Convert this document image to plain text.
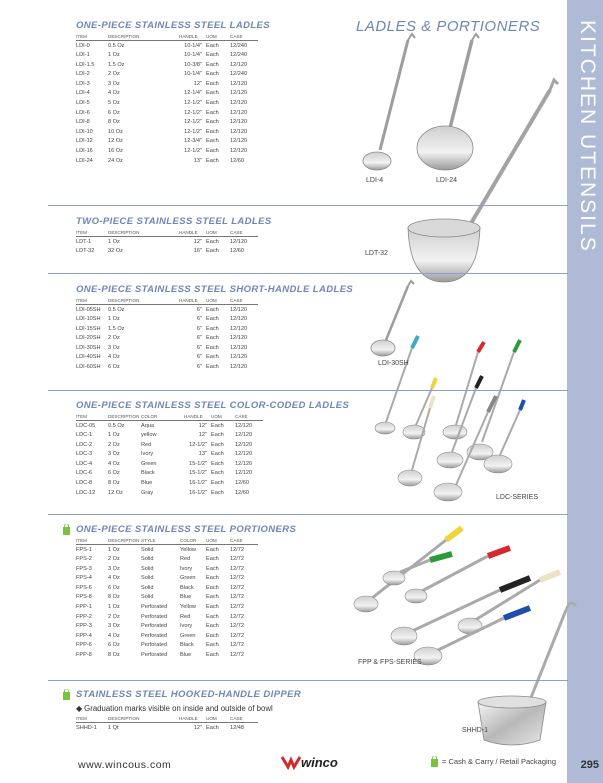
KITCHEN UTENSILS
295
LADLES & PORTIONERS
LDI-4	LDI-24
LDT-32
LDI-30SH
LDC-SERIES
FPP & FPS-SERIES
SHHD-1
ONE-PIECE STAINLESS STEEL LADLES
ITEM	DESCRIPTION	HANDLE	UOM	CASE
LDI-0	0.5 Oz	10-1/4"	Each	12/240
LDI-1	1 Oz	10-1/4"	Each	12/240
LDI-1.5	1.5 Oz	10-3/8"	Each	12/120
LDI-2	2 Oz	10-1/4"	Each	12/240
LDI-3	3 Oz	12"	Each	12/120
LDI-4	4 Oz	12-1/4"	Each	12/120
LDI-5	5 Oz	12-1/2"	Each	12/120
LDI-6	6 Oz	12-1/2"	Each	12/120
LDI-8	8 Oz	12-1/2"	Each	12/120
LDI-10	10 Oz	12-1/2"	Each	12/120
LDI-12	12 Oz	12-3/4"	Each	12/120
LDI-16	16 Oz	12-1/2"	Each	12/120
LDI-24	24 Oz	13"	Each	12/60
TWO-PIECE STAINLESS STEEL LADLES
ITEM	DESCRIPTION	HANDLE	UOM	CASE
LDT-1	1 Oz	12"	Each	12/120
LDT-32	32 Oz	16"	Each	12/60
ONE-PIECE STAINLESS STEEL SHORT-HANDLE LADLES
ITEM	DESCRIPTION	HANDLE	UOM	CASE
LDI-05SH	0.5 Oz	6"	Each	12/120
LDI-10SH	1 Oz	6"	Each	12/120
LDI-15SH	1.5 Oz	6"	Each	12/120
LDI-20SH	2 Oz	6"	Each	12/120
LDI-30SH	3 Oz	6"	Each	12/120
LDI-40SH	4 Oz	6"	Each	12/120
LDI-60SH	6 Oz	6"	Each	12/120
ONE-PIECE STAINLESS STEEL COLOR-CODED LADLES
ITEM	DESCRIPTION	COLOR	HANDLE	UOM	CASE
LDC-05	0.5 Oz	Aqua	12"	Each	12/120
LDC-1	1 Oz	yellow	12"	Each	12/120
LDC-2	2 Oz	Red	12-1/2"	Each	12/120
LDC-3	3 Oz	Ivory	13"	Each	12/120
LDC-4	4 Oz	Green	15-1/2"	Each	12/120
LDC-6	6 Oz	Black	15-1/2"	Each	12/120
LDC-8	8 Oz	Blue	16-1/2"	Each	12/60
LDC-12	12 Oz	Gray	16-1/2"	Each	12/60
ONE-PIECE STAINLESS STEEL PORTIONERS
ITEM	DESCRIPTION	STYLE	COLOR	UOM	CASE
FPS-1	1 Oz	Solid	Yellow	Each	12/72
FPS-2	2 Oz	Solid	Red	Each	12/72
FPS-3	3 Oz	Solid	Ivory	Each	12/72
FPS-4	4 Oz	Solid	Green	Each	12/72
FPS-6	6 Oz	Solid	Black	Each	12/72
FPS-8	8 Oz	Solid	Blue	Each	12/72
FPP-1	1 Oz	Perforated	Yellow	Each	12/72
FPP-2	2 Oz	Perforated	Red	Each	12/72
FPP-3	3 Oz	Perforated	Ivory	Each	12/72
FPP-4	4 Oz	Perforated	Green	Each	12/72
FPP-6	6 Oz	Perforated	Black	Each	12/72
FPP-8	8 Oz	Perforated	Blue	Each	12/72
STAINLESS STEEL HOOKED-HANDLE DIPPER
◆ Graduation marks visible on inside and outside of bowl
ITEM	DESCRIPTION	HANDLE	UOM	CASE
SHHD-1	1 Qt	12"	Each	12/48
www.wincous.com	winco	= Cash & Carry / Retail Packaging
